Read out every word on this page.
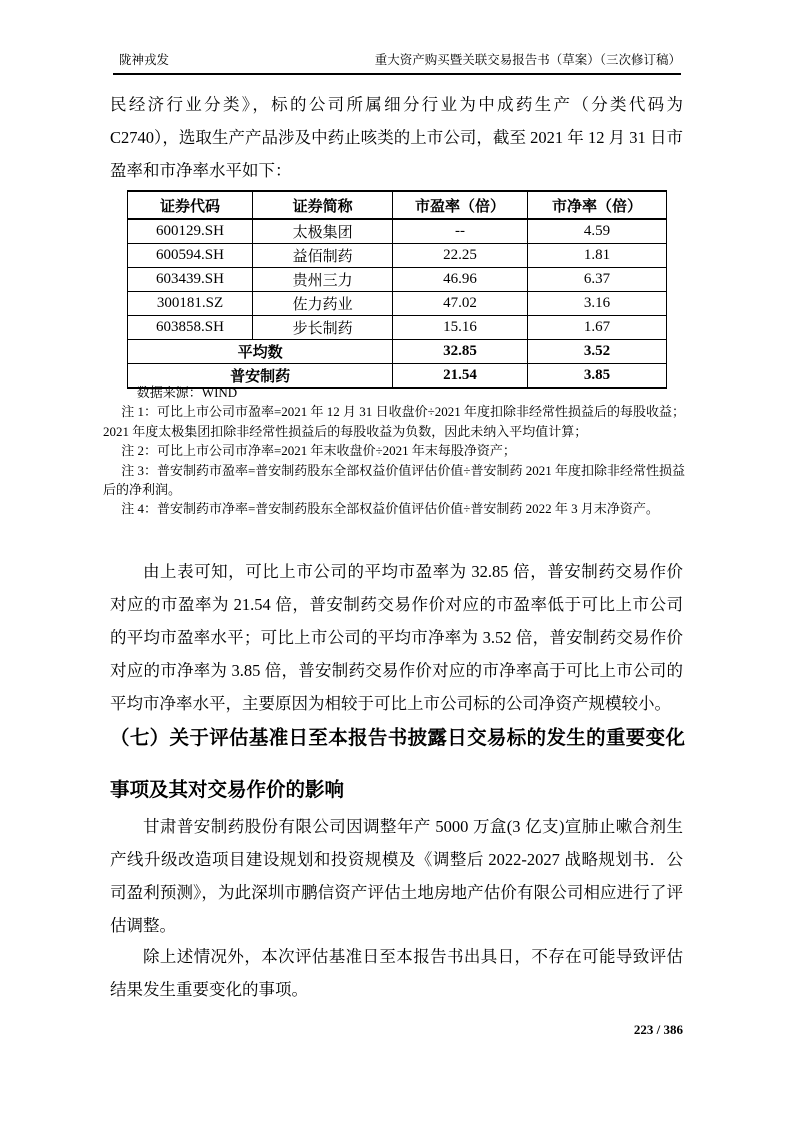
陇神戎发	重大资产购买暨关联交易报告书（草案）（三次修订稿）

民经济行业分类》，标的公司所属细分行业为中成药生产（分类代码为 C2740），选取生产产品涉及中药止咳类的上市公司，截至 2021 年 12 月 31 日市盈率和市净率水平如下：

证券代码	证券简称	市盈率（倍）	市净率（倍）
600129.SH	太极集团	--	4.59
600594.SH	益佰制药	22.25	1.81
603439.SH	贵州三力	46.96	6.37
300181.SZ	佐力药业	47.02	3.16
603858.SH	步长制药	15.16	1.67
平均数		32.85	3.52
普安制药		21.54	3.85

数据来源：WIND

注 1：可比上市公司市盈率=2021 年 12 月 31 日收盘价÷2021 年度扣除非经常性损益后的每股收益；2021 年度太极集团扣除非经常性损益后的每股收益为负数，因此未纳入平均值计算；

注 2：可比上市公司市净率=2021 年末收盘价÷2021 年末每股净资产；

注 3：普安制药市盈率=普安制药股东全部权益价值评估价值÷普安制药 2021 年度扣除非经常性损益后的净利润。

注 4：普安制药市净率=普安制药股东全部权益价值评估价值÷普安制药 2022 年 3 月末净资产。

由上表可知，可比上市公司的平均市盈率为 32.85 倍，普安制药交易作价对应的市盈率为 21.54 倍，普安制药交易作价对应的市盈率低于可比上市公司的平均市盈率水平；可比上市公司的平均市净率为 3.52 倍，普安制药交易作价对应的市净率为 3.85 倍，普安制药交易作价对应的市净率高于可比上市公司的平均市净率水平，主要原因为相较于可比上市公司标的公司净资产规模较小。

（七）关于评估基准日至本报告书披露日交易标的发生的重要变化事项及其对交易作价的影响

甘肃普安制药股份有限公司因调整年产 5000 万盒(3 亿支)宣肺止嗽合剂生产线升级改造项目建设规划和投资规模及《调整后 2022-2027 战略规划书．公司盈利预测》，为此深圳市鹏信资产评估土地房地产估价有限公司相应进行了评估调整。

除上述情况外，本次评估基准日至本报告书出具日，不存在可能导致评估结果发生重要变化的事项。

223 / 386
